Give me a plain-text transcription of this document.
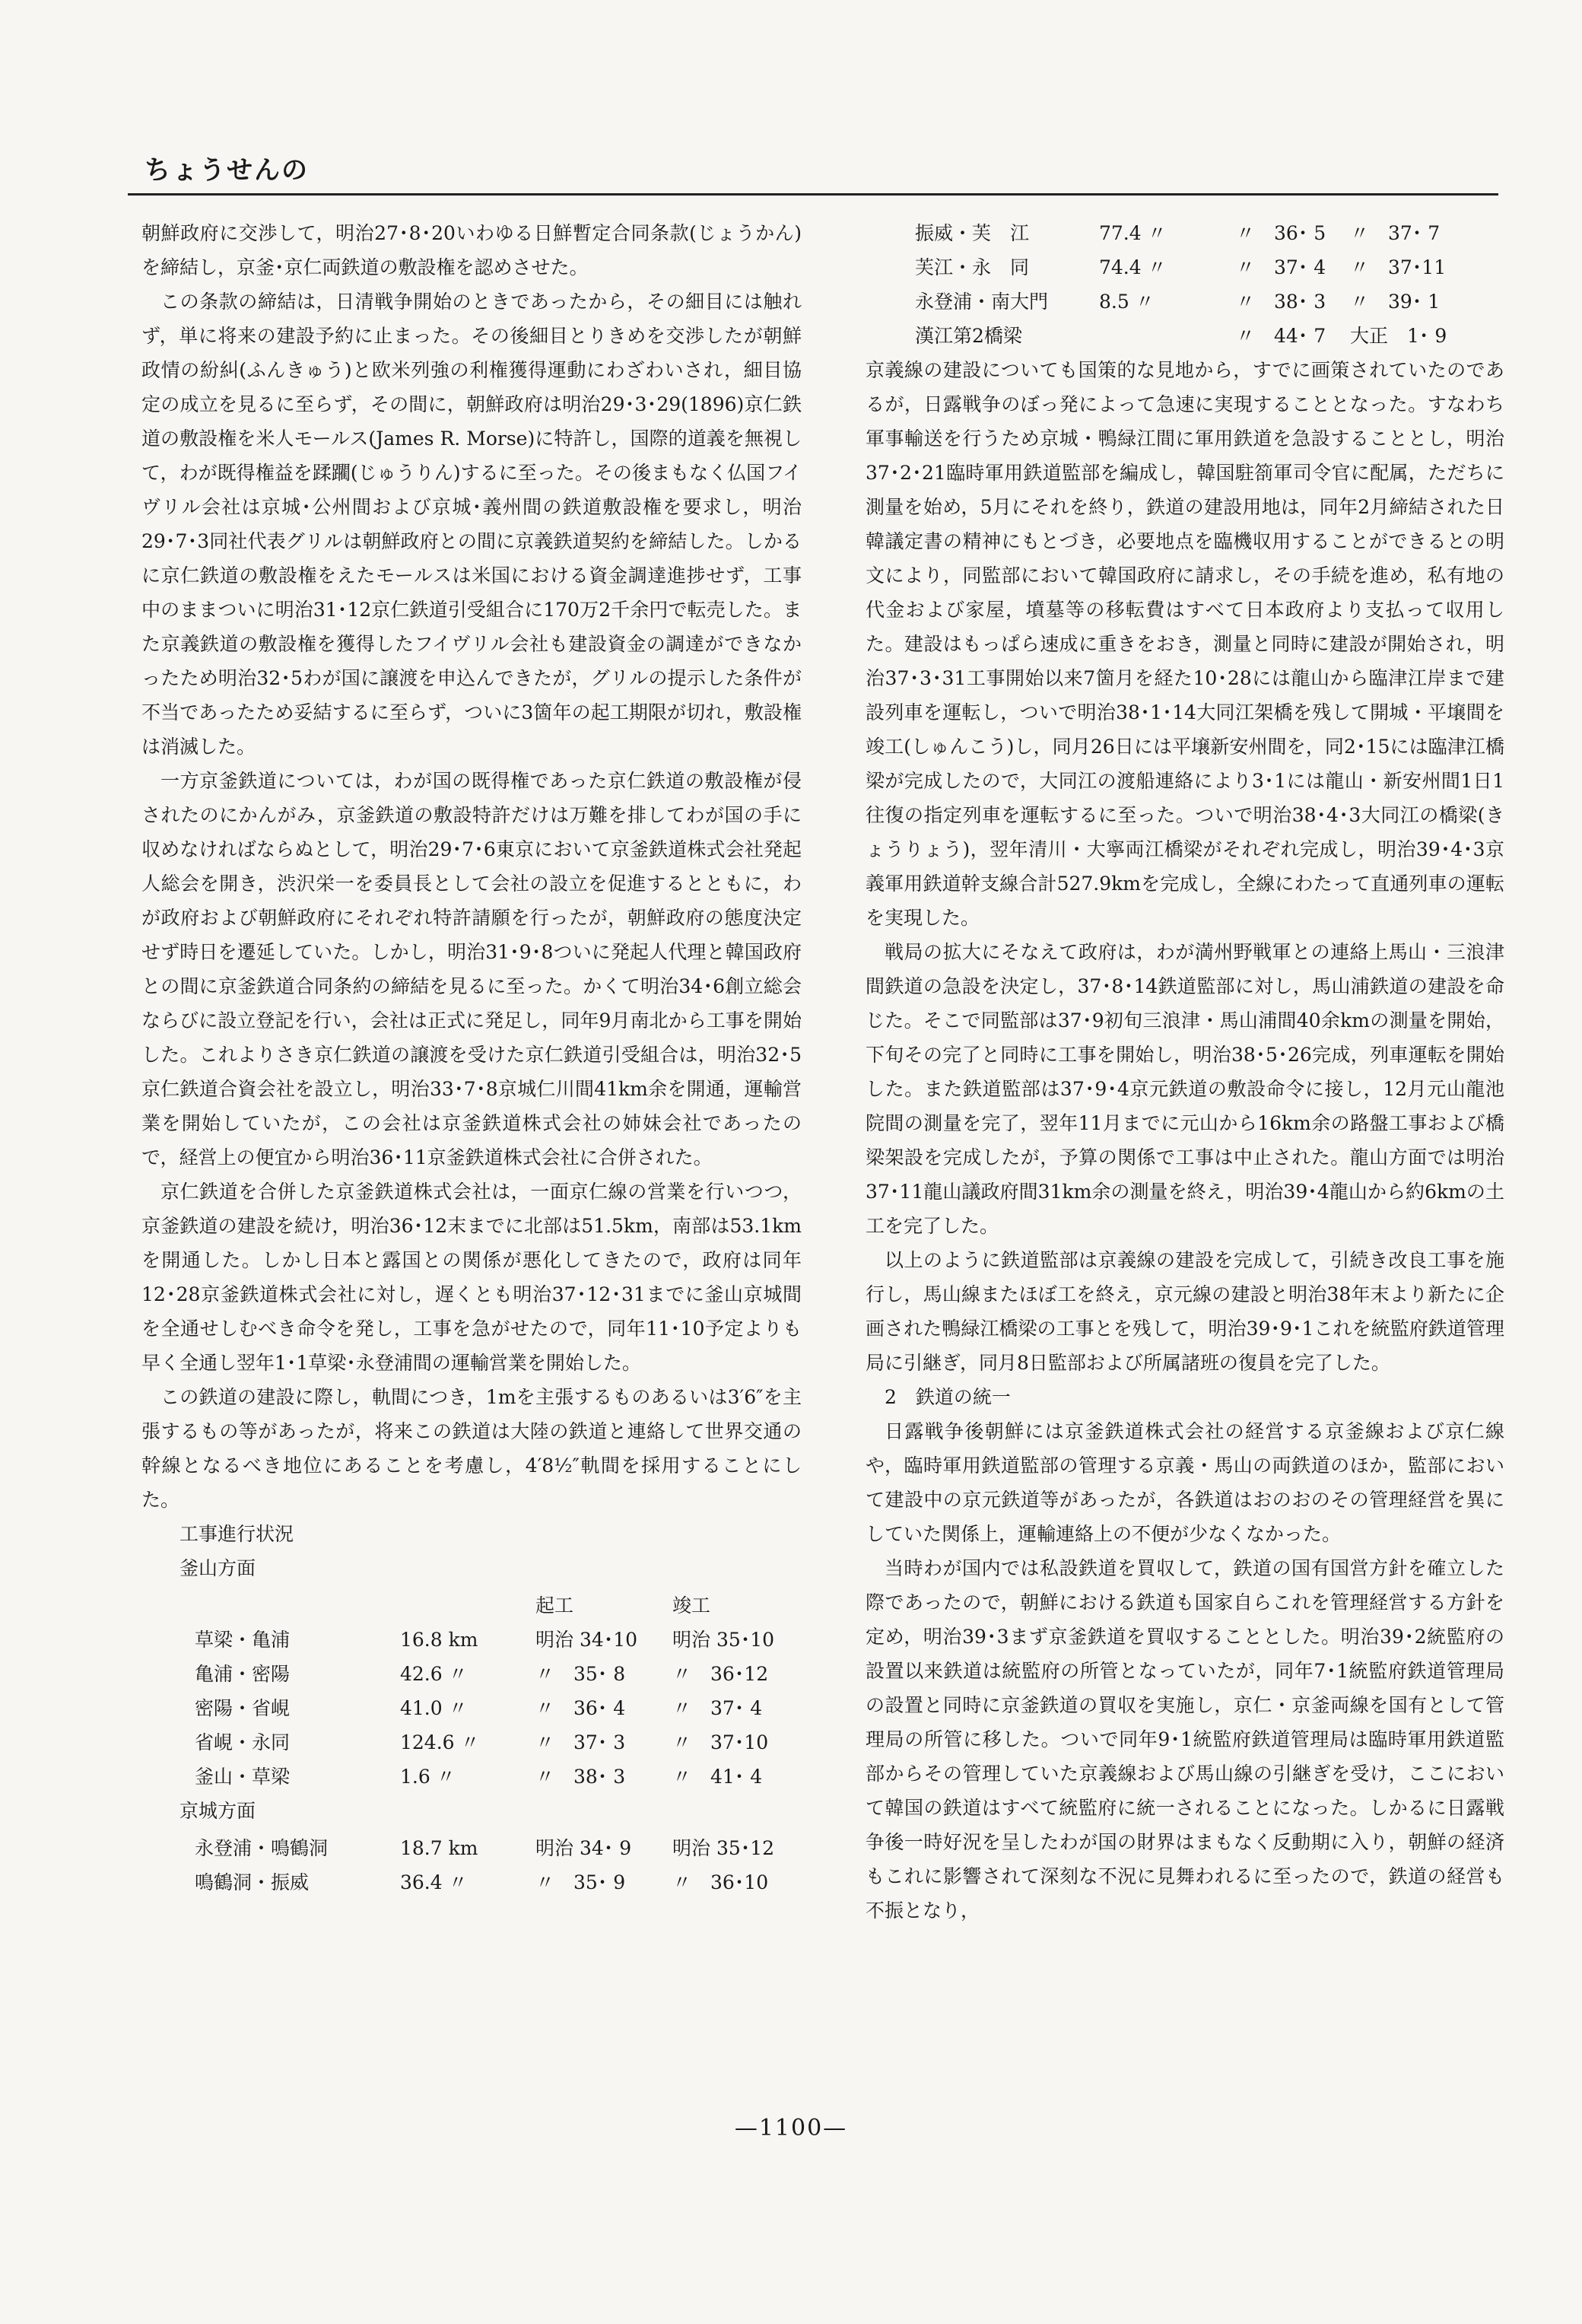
ちょうせんの

朝鮮政府に交渉して，明治27･8･20いわゆる日鮮暫定合同条款(じょうかん)を締結し，京釜･京仁両鉄道の敷設権を認めさせた。

この条款の締結は，日清戦争開始のときであったから，その細目には触れず，単に将来の建設予約に止まった。その後細目とりきめを交渉したが朝鮮政情の紛糾(ふんきゅう)と欧米列強の利権獲得運動にわざわいされ，細目協定の成立を見るに至らず，その間に，朝鮮政府は明治29･3･29(1896)京仁鉄道の敷設権を米人モールス(James R. Morse)に特許し，国際的道義を無視して，わが既得権益を蹂躙(じゅうりん)するに至った。その後まもなく仏国フイヴリル会社は京城･公州間および京城･義州間の鉄道敷設権を要求し，明治29･7･3同社代表グリルは朝鮮政府との間に京義鉄道契約を締結した。しかるに京仁鉄道の敷設権をえたモールスは米国における資金調達進捗せず，工事中のままついに明治31･12京仁鉄道引受組合に170万2千余円で転売した。また京義鉄道の敷設権を獲得したフイヴリル会社も建設資金の調達ができなかったため明治32･5わが国に譲渡を申込んできたが，グリルの提示した条件が不当であったため妥結するに至らず，ついに3箇年の起工期限が切れ，敷設権は消滅した。

一方京釜鉄道については，わが国の既得権であった京仁鉄道の敷設権が侵されたのにかんがみ，京釜鉄道の敷設特許だけは万難を排してわが国の手に収めなければならぬとして，明治29･7･6東京において京釜鉄道株式会社発起人総会を開き，渋沢栄一を委員長として会社の設立を促進するとともに，わが政府および朝鮮政府にそれぞれ特許請願を行ったが，朝鮮政府の態度決定せず時日を遷延していた。しかし，明治31･9･8ついに発起人代理と韓国政府との間に京釜鉄道合同条約の締結を見るに至った。かくて明治34･6創立総会ならびに設立登記を行い，会社は正式に発足し，同年9月南北から工事を開始した。これよりさき京仁鉄道の譲渡を受けた京仁鉄道引受組合は，明治32･5京仁鉄道合資会社を設立し，明治33･7･8京城仁川間41km余を開通，運輸営業を開始していたが，この会社は京釜鉄道株式会社の姉妹会社であったので，経営上の便宜から明治36･11京釜鉄道株式会社に合併された。

京仁鉄道を合併した京釜鉄道株式会社は，一面京仁線の営業を行いつつ，京釜鉄道の建設を続け，明治36･12末までに北部は51.5km，南部は53.1kmを開通した。しかし日本と露国との関係が悪化してきたので，政府は同年12･28京釜鉄道株式会社に対し，遅くとも明治37･12･31までに釜山京城間を全通せしむべき命令を発し，工事を急がせたので，同年11･10予定よりも早く全通し翌年1･1草梁･永登浦間の運輸営業を開始した。

この鉄道の建設に際し，軌間につき，1mを主張するものあるいは3′6″を主張するもの等があったが，将来この鉄道は大陸の鉄道と連絡して世界交通の幹線となるべき地位にあることを考慮し，4′8½″軌間を採用することにした。

工事進行状況

釜山方面

		起工	竣工
草梁・亀浦	16.8 km	明治 34･10	明治 35･10
亀浦・密陽	42.6 〃	〃　35･ 8	〃　36･12
密陽・省峴	41.0 〃	〃　36･ 4	〃　37･ 4
省峴・永同	124.6 〃	〃　37･ 3	〃　37･10
釜山・草梁	1.6 〃	〃　38･ 3	〃　41･ 4

京城方面

永登浦・鳴鶴洞	18.7 km	明治 34･ 9	明治 35･12
鳴鶴洞・振威	36.4 〃	〃　35･ 9	〃　36･10
振威・芙　江	77.4 〃	〃　36･ 5	〃　37･ 7
芙江・永　同	74.4 〃	〃　37･ 4	〃　37･11
永登浦・南大門	8.5 〃	〃　38･ 3	〃　39･ 1
漢江第2橋梁		〃　44･ 7	大正　1･ 9

京義線の建設についても国策的な見地から，すでに画策されていたのであるが，日露戦争のぼっ発によって急速に実現することとなった。すなわち軍事輸送を行うため京城・鴨緑江間に軍用鉄道を急設することとし，明治37･2･21臨時軍用鉄道監部を編成し，韓国駐箚軍司令官に配属，ただちに測量を始め，5月にそれを終り，鉄道の建設用地は，同年2月締結された日韓議定書の精神にもとづき，必要地点を臨機収用することができるとの明文により，同監部において韓国政府に請求し，その手続を進め，私有地の代金および家屋，墳墓等の移転費はすべて日本政府より支払って収用した。建設はもっぱら速成に重きをおき，測量と同時に建設が開始され，明治37･3･31工事開始以来7箇月を経た10･28には龍山から臨津江岸まで建設列車を運転し，ついで明治38･1･14大同江架橋を残して開城・平壌間を竣工(しゅんこう)し，同月26日には平壌新安州間を，同2･15には臨津江橋梁が完成したので，大同江の渡船連絡により3･1には龍山・新安州間1日1往復の指定列車を運転するに至った。ついで明治38･4･3大同江の橋梁(きょうりょう)，翌年清川・大寧両江橋梁がそれぞれ完成し，明治39･4･3京義軍用鉄道幹支線合計527.9kmを完成し，全線にわたって直通列車の運転を実現した。

戦局の拡大にそなえて政府は，わが満州野戦軍との連絡上馬山・三浪津間鉄道の急設を決定し，37･8･14鉄道監部に対し，馬山浦鉄道の建設を命じた。そこで同監部は37･9初旬三浪津・馬山浦間40余kmの測量を開始，下旬その完了と同時に工事を開始し，明治38･5･26完成，列車運転を開始した。また鉄道監部は37･9･4京元鉄道の敷設命令に接し，12月元山龍池院間の測量を完了，翌年11月までに元山から16km余の路盤工事および橋梁架設を完成したが，予算の関係で工事は中止された。龍山方面では明治37･11龍山議政府間31km余の測量を終え，明治39･4龍山から約6kmの土工を完了した。

以上のように鉄道監部は京義線の建設を完成して，引続き改良工事を施行し，馬山線またほぼ工を終え，京元線の建設と明治38年末より新たに企画された鴨緑江橋梁の工事とを残して，明治39･9･1これを統監府鉄道管理局に引継ぎ，同月8日監部および所属諸班の復員を完了した。

2　鉄道の統一

日露戦争後朝鮮には京釜鉄道株式会社の経営する京釜線および京仁線や，臨時軍用鉄道監部の管理する京義・馬山の両鉄道のほか，監部において建設中の京元鉄道等があったが，各鉄道はおのおのその管理経営を異にしていた関係上，運輸連絡上の不便が少なくなかった。

当時わが国内では私設鉄道を買収して，鉄道の国有国営方針を確立した際であったので，朝鮮における鉄道も国家自らこれを管理経営する方針を定め，明治39･3まず京釜鉄道を買収することとした。明治39･2統監府の設置以来鉄道は統監府の所管となっていたが，同年7･1統監府鉄道管理局の設置と同時に京釜鉄道の買収を実施し，京仁・京釜両線を国有として管理局の所管に移した。ついで同年9･1統監府鉄道管理局は臨時軍用鉄道監部からその管理していた京義線および馬山線の引継ぎを受け，ここにおいて韓国の鉄道はすべて統監府に統一されることになった。しかるに日露戦争後一時好況を呈したわが国の財界はまもなく反動期に入り，朝鮮の経済もこれに影響されて深刻な不況に見舞われるに至ったので，鉄道の経営も不振となり，

—1100—
